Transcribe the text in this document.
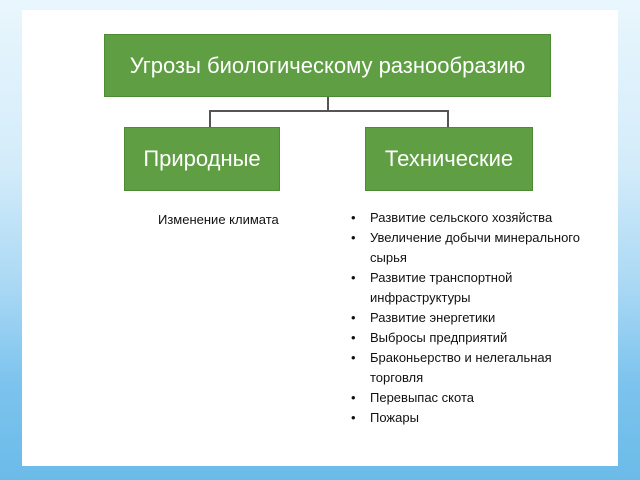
Угрозы биологическому разнообразию
Природные	Технические
Изменение климата	• Развитие сельского хозяйства
• Увеличение добычи минерального сырья
• Развитие транспортной инфраструктуры
• Развитие энергетики
• Выбросы предприятий
• Браконьерство и нелегальная торговля
• Перевыпас скота
• Пожары
